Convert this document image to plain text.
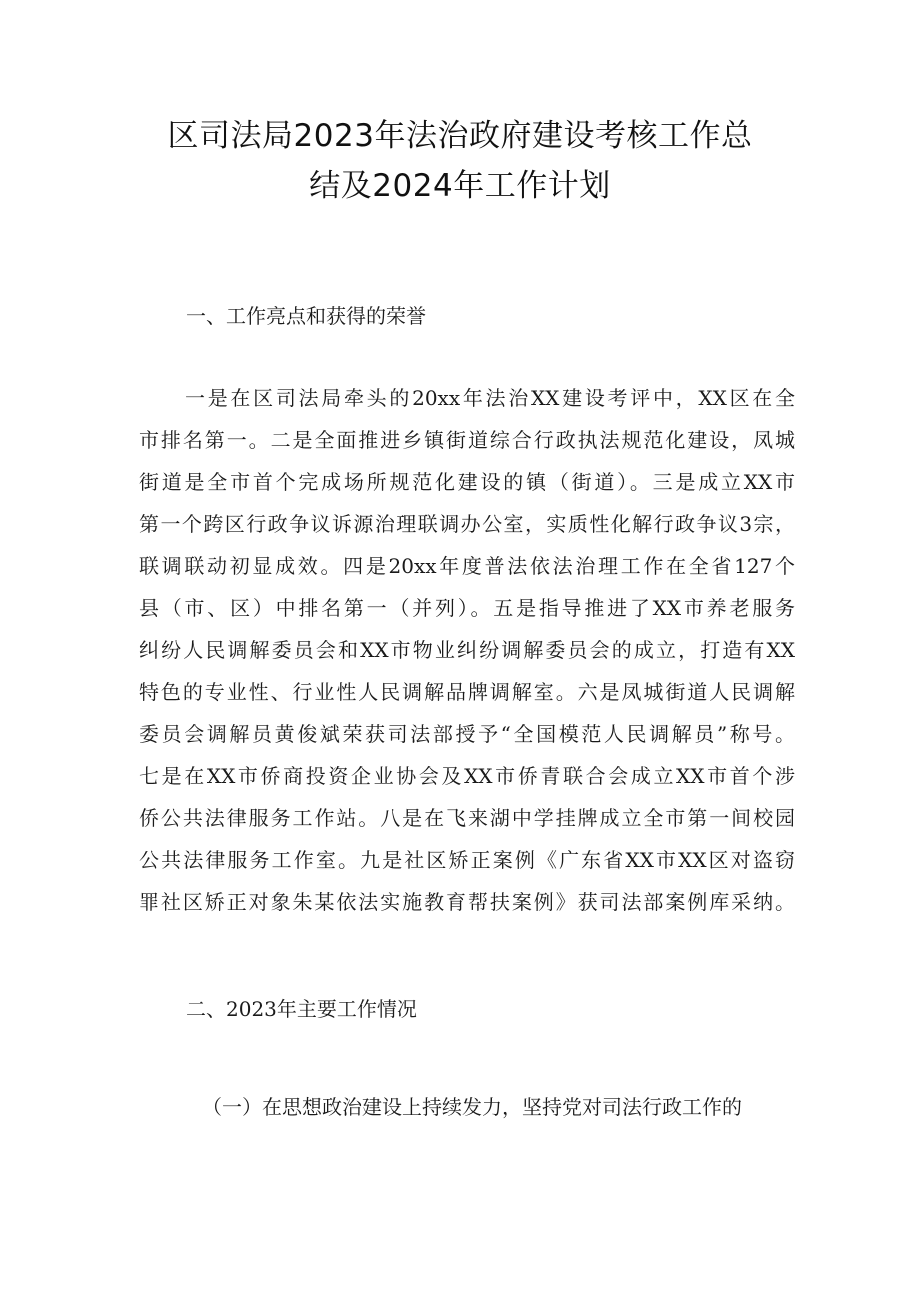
区司法局2023年法治政府建设考核工作总
结及2024年工作计划
一、工作亮点和获得的荣誉
一是在区司法局牵头的20xx年法治XX建设考评中，XX区在全
市排名第一。二是全面推进乡镇街道综合行政执法规范化建设，凤城
街道是全市首个完成场所规范化建设的镇（街道）。三是成立XX市
第一个跨区行政争议诉源治理联调办公室，实质性化解行政争议3宗，
联调联动初显成效。四是20xx年度普法依法治理工作在全省127个
县（市、区）中排名第一（并列）。五是指导推进了XX市养老服务
纠纷人民调解委员会和XX市物业纠纷调解委员会的成立，打造有XX
特色的专业性、行业性人民调解品牌调解室。六是凤城街道人民调解
委员会调解员黄俊斌荣获司法部授予“全国模范人民调解员”称号。
七是在XX市侨商投资企业协会及XX市侨青联合会成立XX市首个涉
侨公共法律服务工作站。八是在飞来湖中学挂牌成立全市第一间校园
公共法律服务工作室。九是社区矫正案例《广东省XX市XX区对盗窃
罪社区矫正对象朱某依法实施教育帮扶案例》获司法部案例库采纳。
二、2023年主要工作情况
（一）在思想政治建设上持续发力，坚持党对司法行政工作的
